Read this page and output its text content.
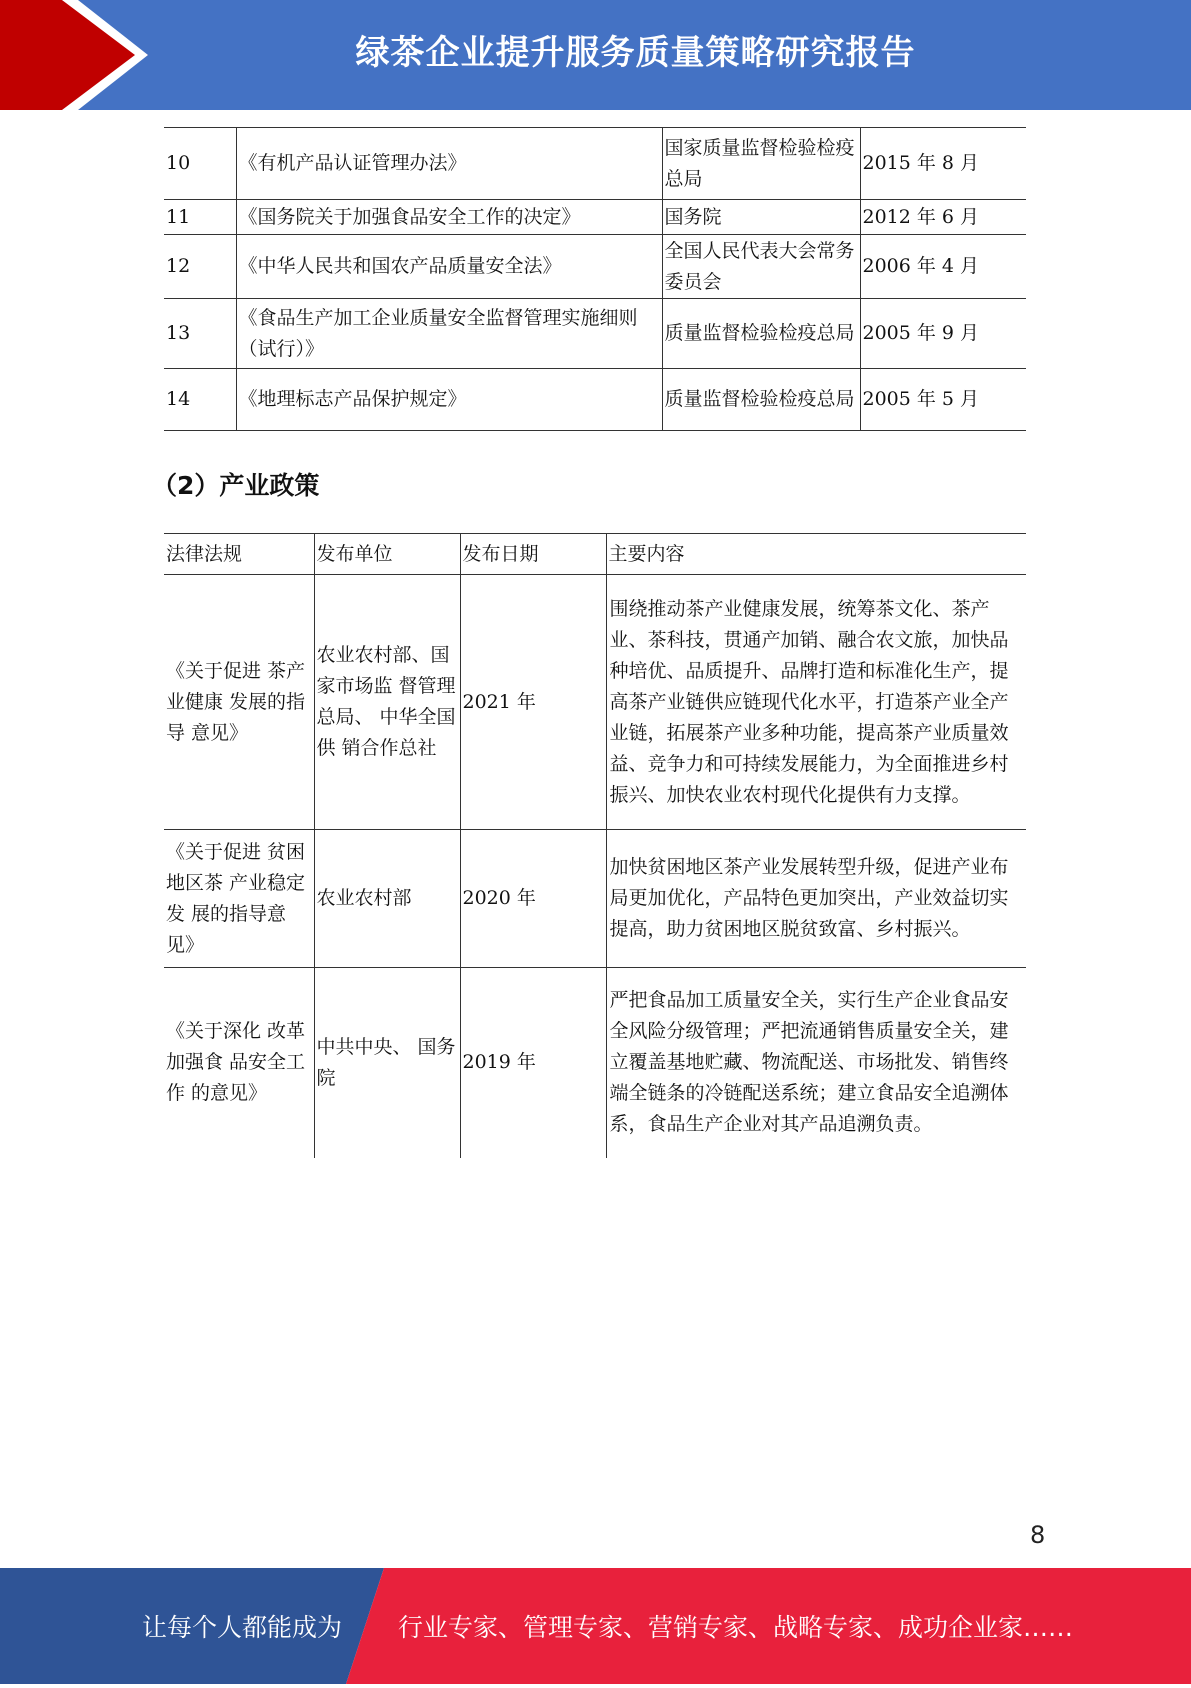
绿茶企业提升服务质量策略研究报告
10	《有机产品认证管理办法》	国家质量监督检验检疫总局	2015 年 8 月
11	《国务院关于加强食品安全工作的决定》	国务院	2012 年 6 月
12	《中华人民共和国农产品质量安全法》	全国人民代表大会常务委员会	2006 年 4 月
13	《食品生产加工企业质量安全监督管理实施细则（试行）》	质量监督检验检疫总局	2005 年 9 月
14	《地理标志产品保护规定》	质量监督检验检疫总局	2005 年 5 月
（2）产业政策
法律法规	发布单位	发布日期	主要内容
《关于促进 茶产业健康 发展的指导 意见》	农业农村部、国家市场监 督管理总局、 中华全国供 销合作总社	2021 年	围绕推动茶产业健康发展，统筹茶文化、茶产业、茶科技，贯通产加销、融合农文旅，加快品种培优、品质提升、品牌打造和标准化生产，提高茶产业链供应链现代化水平，打造茶产业全产业链，拓展茶产业多种功能，提高茶产业质量效益、竞争力和可持续发展能力，为全面推进乡村振兴、加快农业农村现代化提供有力支撑。
《关于促进 贫困地区茶 产业稳定发 展的指导意 见》	农业农村部	2020 年	加快贫困地区茶产业发展转型升级，促进产业布局更加优化，产品特色更加突出，产业效益切实提高，助力贫困地区脱贫致富、乡村振兴。
《关于深化 改革加强食 品安全工作 的意见》	中共中央、 国务院	2019 年	严把食品加工质量安全关，实行生产企业食品安全风险分级管理；严把流通销售质量安全关，建立覆盖基地贮藏、物流配送、市场批发、销售终端全链条的冷链配送系统；建立食品安全追溯体系，食品生产企业对其产品追溯负责。
8
让每个人都能成为 行业专家、管理专家、营销专家、战略专家、成功企业家……
